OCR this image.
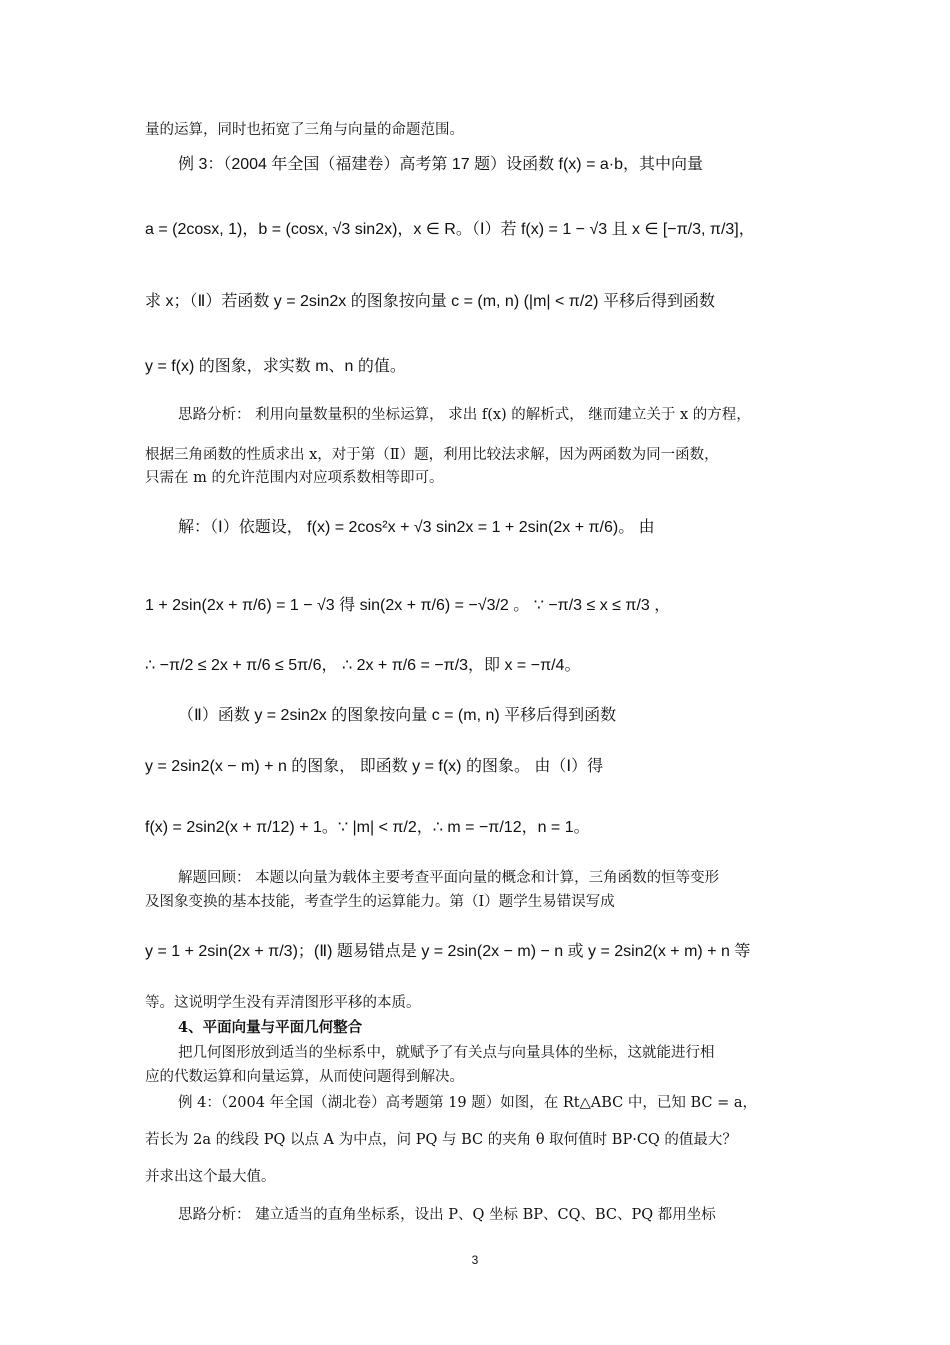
量的运算，同时也拓宽了三角与向量的命题范围。
例 3：（2004 年全国（福建卷）高考第 17 题）设函数 f(x) = a·b，其中向量
a = (2cosx, 1)，b = (cosx, √3 sin2x)，x ∈ R。（Ⅰ）若 f(x) = 1 − √3 且 x ∈ [−π/3, π/3]，
求 x；（Ⅱ）若函数 y = 2sin2x 的图象按向量 c = (m, n) (|m| < π/2) 平移后得到函数
y = f(x) 的图象，求实数 m、n 的值。
思路分析： 利用向量数量积的坐标运算， 求出 f(x) 的解析式， 继而建立关于 x 的方程，
根据三角函数的性质求出 x，对于第（Ⅱ）题，利用比较法求解，因为两函数为同一函数，
只需在 m 的允许范围内对应项系数相等即可。
解：（Ⅰ）依题设， f(x) = 2cos²x + √3 sin2x = 1 + 2sin(2x + π/6)。 由
1 + 2sin(2x + π/6) = 1 − √3 得 sin(2x + π/6) = −√3/2 。 ∵ −π/3 ≤ x ≤ π/3 ，
∴ −π/2 ≤ 2x + π/6 ≤ 5π/6， ∴ 2x + π/6 = −π/3，即 x = −π/4。
（Ⅱ）函数 y = 2sin2x 的图象按向量 c = (m, n) 平移后得到函数
y = 2sin2(x − m) + n 的图象， 即函数 y = f(x) 的图象。 由（Ⅰ）得
f(x) = 2sin2(x + π/12) + 1。∵ |m| < π/2，∴ m = −π/12，n = 1。
解题回顾： 本题以向量为载体主要考查平面向量的概念和计算，三角函数的恒等变形
及图象变换的基本技能，考查学生的运算能力。第（Ⅰ）题学生易错误写成
y = 1 + 2sin(2x + π/3)；(Ⅱ) 题易错点是 y = 2sin(2x − m) − n 或 y = 2sin2(x + m) + n 等
等。这说明学生没有弄清图形平移的本质。
4、平面向量与平面几何整合
把几何图形放到适当的坐标系中，就赋予了有关点与向量具体的坐标，这就能进行相
应的代数运算和向量运算，从而使问题得到解决。
例 4：（2004 年全国（湖北卷）高考题第 19 题）如图，在 Rt△ABC 中，已知 BC = a，
若长为 2a 的线段 PQ 以点 A 为中点，问 PQ 与 BC 的夹角 θ 取何值时 BP·CQ 的值最大？
并求出这个最大值。
思路分析： 建立适当的直角坐标系，设出 P、Q 坐标 BP、CQ、BC、PQ 都用坐标
3
